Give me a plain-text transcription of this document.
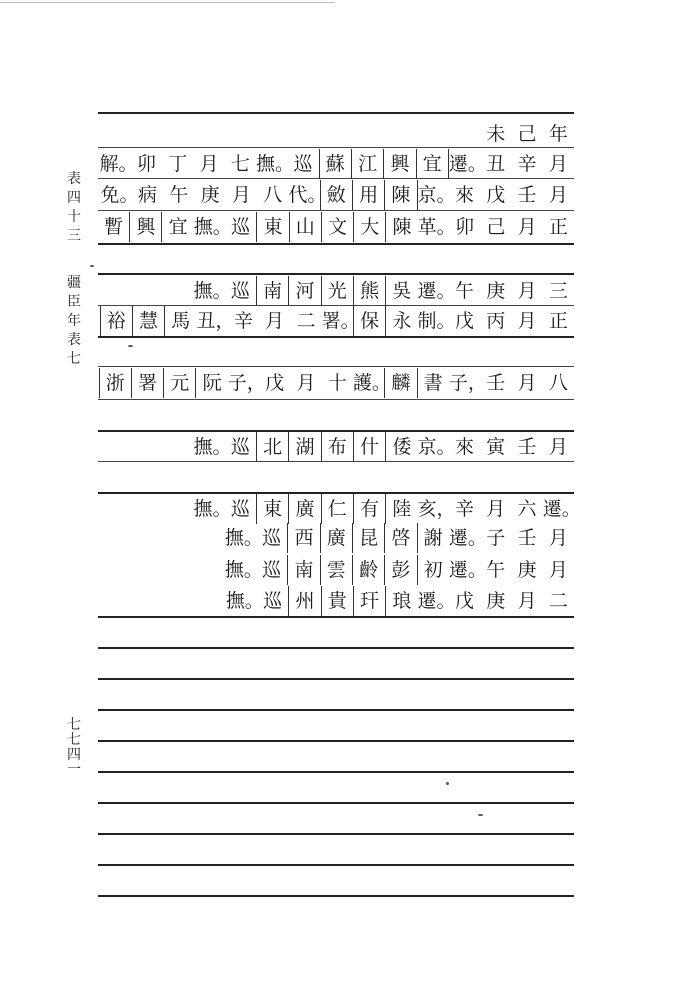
表
四
十
三
疆
臣
年
表
七
七
七
四
一
未 己 年
解。 卯 丁 月 七 撫。 巡 蘇 江 興 宜 遷。 丑 辛 月
免。 病 午 庚 月 八 代。 斂 用 陳 京。 來 戊 壬 月
暫 興 宜 撫。 巡 東 山 文 大 陳 革。 卯 己 月 正
撫。 巡 南 河 光 熊 吳 遷。 午 庚 月 三
裕 慧 馬 丑， 辛 月 二 署。 保 永 制。 戊 丙 月 正
浙 署 元 阮 子， 戊 月 十 護。 麟 書 子， 壬 月 八
撫。 巡 北 湖 布 什 倭 京。 來 寅 壬 月
撫。 巡 東 廣 仁 有 陸 亥， 辛 月 六 遷。
撫。 巡 西 廣 昆 啓 謝 遷。 子 壬 月
撫。 巡 南 雲 齡 彭 初 遷。 午 庚 月
撫。 巡 州 貴 玕 琅 遷。 戊 庚 月 二
